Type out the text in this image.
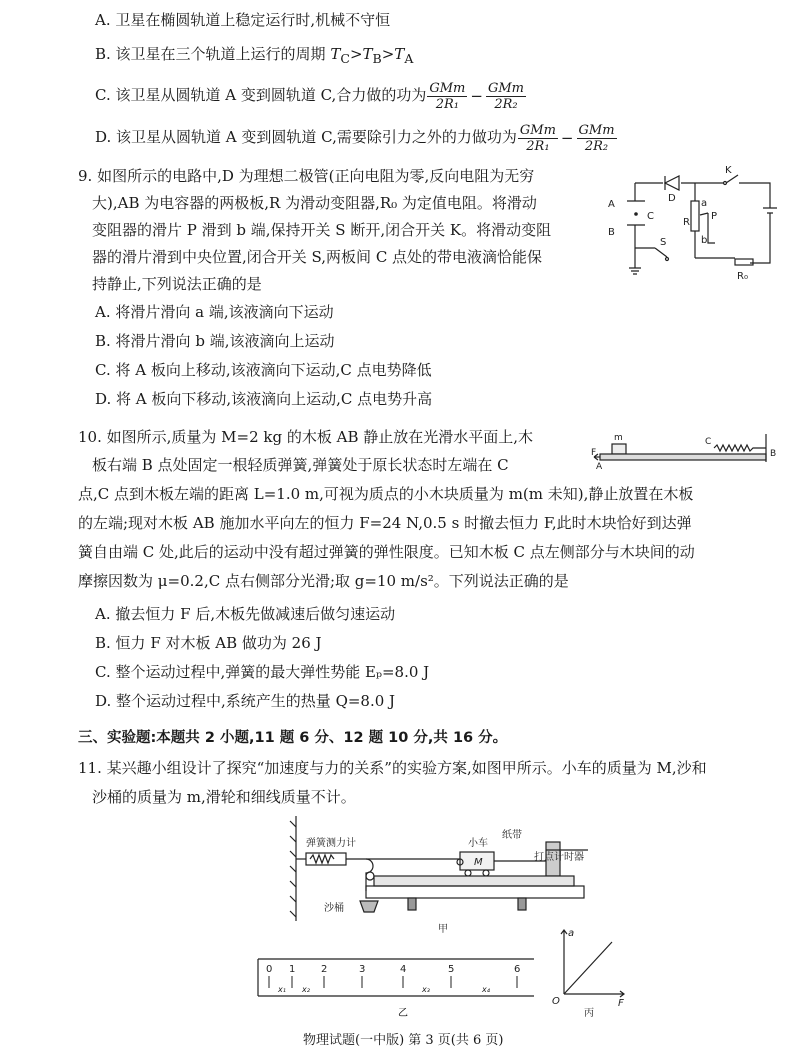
A. 卫星在椭圆轨道上稳定运行时,机械不守恒
B. 该卫星在三个轨道上运行的周期 $T_C>T_B>T_A$
C. 该卫星从圆轨道 A 变到圆轨道 C,合力做的功为 $\frac{\text{GMm}}{\text{2R₁}} - \frac{\text{GMm}}{\text{2R₂}}$
D. 该卫星从圆轨道 A 变到圆轨道 C,需要除引力之外的力做功为 $\frac{\text{GMm}}{\text{2R₁}} - \frac{\text{GMm}}{\text{2R₂}}$
9. 如图所示的电路中,D 为理想二极管(正向电阻为零,反向电阻为无穷
大),AB 为电容器的两极板,R 为滑动变阻器,R₀ 为定值电阻。将滑动
变阻器的滑片 P 滑到 b 端,保持开关 S 断开,闭合开关 K。将滑动变阻
器的滑片滑到中央位置,闭合开关 S,两板间 C 点处的带电液滴恰能保
持静止,下列说法正确的是
A. 将滑片滑向 a 端,该液滴向下运动
B. 将滑片滑向 b 端,该液滴向上运动
C. 将 A 板向上移动,该液滴向下运动,C 点电势降低
D. 将 A 板向下移动,该液滴向上运动,C 点电势升高
A
B
C
D
K
a
b
P
R
S
R₀
10. 如图所示,质量为 M=2 kg 的木板 AB 静止放在光滑水平面上,木
板右端 B 点处固定一根轻质弹簧,弹簧处于原长状态时左端在 C
点,C 点到木板左端的距离 L=1.0 m,可视为质点的小木块质量为 m(m 未知),静止放置在木板
的左端;现对木板 AB 施加水平向左的恒力 F=24 N,0.5 s 时撤去恒力 F,此时木块恰好到达弹
簧自由端 C 处,此后的运动中没有超过弹簧的弹性限度。已知木板 C 点左侧部分与木块间的动
摩擦因数为 μ=0.2,C 点右侧部分光滑;取 g=10 m/s²。下列说法正确的是
A. 撤去恒力 F 后,木板先做减速后做匀速运动
B. 恒力 F 对木板 AB 做功为 26 J
C. 整个运动过程中,弹簧的最大弹性势能 Eₚ=8.0 J
D. 整个运动过程中,系统产生的热量 Q=8.0 J
m
F
A
C
B
三、实验题:本题共 2 小题,11 题 6 分、12 题 10 分,共 16 分。
11. 某兴趣小组设计了探究“加速度与力的关系”的实验方案,如图甲所示。小车的质量为 M,沙和
沙桶的质量为 m,滑轮和细线质量不计。
弹簧测力计	小车
纸带
打点计时器
沙桶
M
甲
0 1	2	3	4	5	6
x₁ x₂	x₃	x₄
乙
a
O	F
丙
物理试题(一中版) 第 3 页(共 6 页)
